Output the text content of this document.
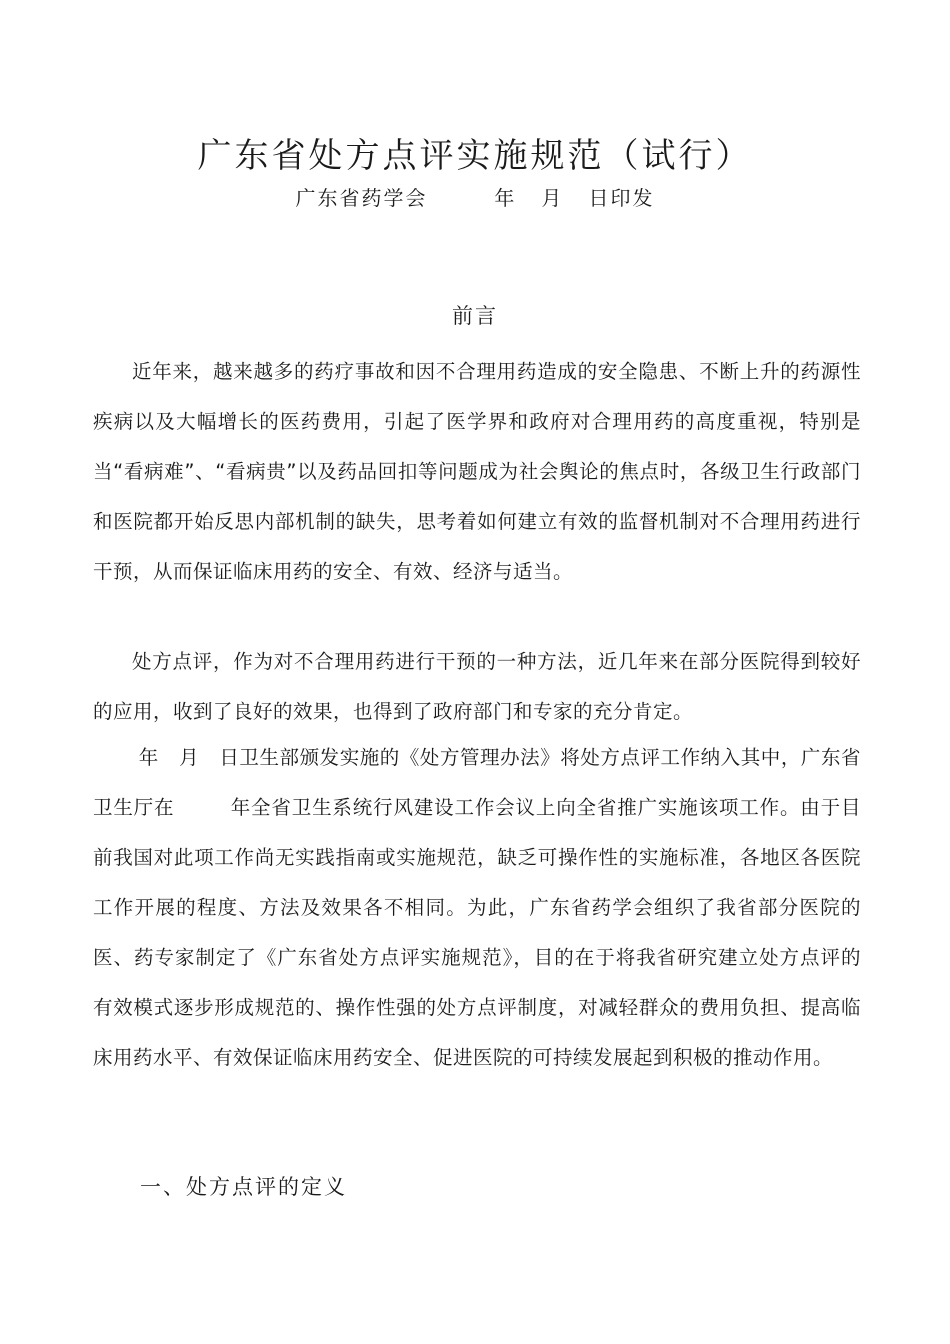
广东省处方点评实施规范（试行）
广东省药学会        年   月   日印发
前言

近年来，越来越多的药疗事故和因不合理用药造成的安全隐患、不断上升的药源性疾病以及大幅增长的医药费用，引起了医学界和政府对合理用药的高度重视，特别是当“看病难”、“看病贵”以及药品回扣等问题成为社会舆论的焦点时，各级卫生行政部门和医院都开始反思内部机制的缺失，思考着如何建立有效的监督机制对不合理用药进行干预，从而保证临床用药的安全、有效、经济与适当。

处方点评，作为对不合理用药进行干预的一种方法，近几年来在部分医院得到较好的应用，收到了良好的效果，也得到了政府部门和专家的充分肯定。

年   月   日卫生部颁发实施的《处方管理办法》将处方点评工作纳入其中，广东省卫生厅在        年全省卫生系统行风建设工作会议上向全省推广实施该项工作。由于目前我国对此项工作尚无实践指南或实施规范，缺乏可操作性的实施标准，各地区各医院工作开展的程度、方法及效果各不相同。为此，广东省药学会组织了我省部分医院的医、药专家制定了《广东省处方点评实施规范》，目的在于将我省研究建立处方点评的有效模式逐步形成规范的、操作性强的处方点评制度，对减轻群众的费用负担、提高临床用药水平、有效保证临床用药安全、促进医院的可持续发展起到积极的推动作用。

一、处方点评的定义
